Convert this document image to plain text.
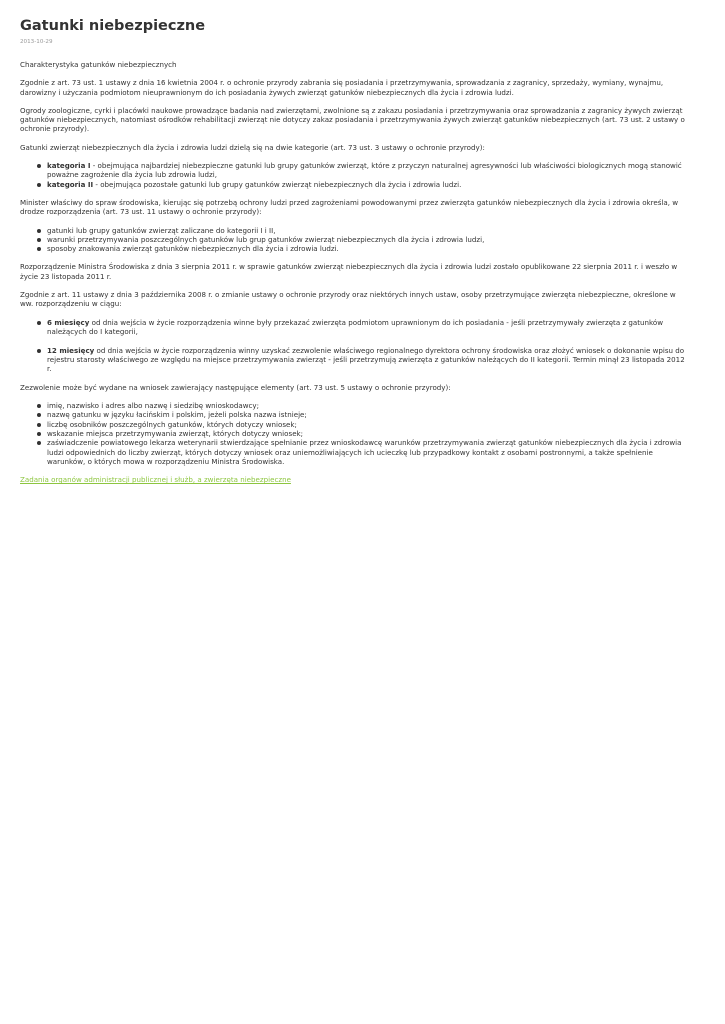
Gatunki niebezpieczne
2013-10-29

Charakterystyka gatunków niebezpiecznych

Zgodnie z art. 73 ust. 1 ustawy z dnia 16 kwietnia 2004 r. o ochronie przyrody zabrania się posiadania i przetrzymywania, sprowadzania z zagranicy, sprzedaży, wymiany, wynajmu, darowizny i użyczania podmiotom nieuprawnionym do ich posiadania żywych zwierząt gatunków niebezpiecznych dla życia i zdrowia ludzi.

Ogrody zoologiczne, cyrki i placówki naukowe prowadzące badania nad zwierzętami, zwolnione są z zakazu posiadania i przetrzymywania oraz sprowadzania z zagranicy żywych zwierząt gatunków niebezpiecznych, natomiast ośrodków rehabilitacji zwierząt nie dotyczy zakaz posiadania i przetrzymywania żywych zwierząt gatunków niebezpiecznych (art. 73 ust. 2 ustawy o ochronie przyrody).

Gatunki zwierząt niebezpiecznych dla życia i zdrowia ludzi dzielą się na dwie kategorie (art. 73 ust. 3 ustawy o ochronie przyrody):

kategoria I - obejmująca najbardziej niebezpieczne gatunki lub grupy gatunków zwierząt, które z przyczyn naturalnej agresywności lub właściwości biologicznych mogą stanowić poważne zagrożenie dla życia lub zdrowia ludzi,
kategoria II - obejmująca pozostałe gatunki lub grupy gatunków zwierząt niebezpiecznych dla życia i zdrowia ludzi.

Minister właściwy do spraw środowiska, kierując się potrzebą ochrony ludzi przed zagrożeniami powodowanymi przez zwierzęta gatunków niebezpiecznych dla życia i zdrowia określa, w drodze rozporządzenia (art. 73 ust. 11 ustawy o ochronie przyrody):

gatunki lub grupy gatunków zwierząt zaliczane do kategorii I i II,
warunki przetrzymywania poszczególnych gatunków lub grup gatunków zwierząt niebezpiecznych dla życia i zdrowia ludzi,
sposoby znakowania zwierząt gatunków niebezpiecznych dla życia i zdrowia ludzi.

Rozporządzenie Ministra Środowiska z dnia 3 sierpnia 2011 r. w sprawie gatunków zwierząt niebezpiecznych dla życia i zdrowia ludzi zostało opublikowane 22 sierpnia 2011 r. i weszło w życie 23 listopada 2011 r.

Zgodnie z art. 11 ustawy z dnia 3 października 2008 r. o zmianie ustawy o ochronie przyrody oraz niektórych innych ustaw, osoby przetrzymujące zwierzęta niebezpieczne, określone w ww. rozporządzeniu w ciągu:

6 miesięcy od dnia wejścia w życie rozporządzenia winne były przekazać zwierzęta podmiotom uprawnionym do ich posiadania - jeśli przetrzymywały zwierzęta z gatunków należących do I kategorii,
12 miesięcy od dnia wejścia w życie rozporządzenia winny uzyskać zezwolenie właściwego regionalnego dyrektora ochrony środowiska oraz złożyć wniosek o dokonanie wpisu do rejestru starosty właściwego ze względu na miejsce przetrzymywania zwierząt - jeśli przetrzymują zwierzęta z gatunków należących do II kategorii. Termin minął 23 listopada 2012 r.

Zezwolenie może być wydane na wniosek zawierający następujące elementy (art. 73 ust. 5 ustawy o ochronie przyrody):

imię, nazwisko i adres albo nazwę i siedzibę wnioskodawcy;
nazwę gatunku w języku łacińskim i polskim, jeżeli polska nazwa istnieje;
liczbę osobników poszczególnych gatunków, których dotyczy wniosek;
wskazanie miejsca przetrzymywania zwierząt, których dotyczy wniosek;
zaświadczenie powiatowego lekarza weterynarii stwierdzające spełnianie przez wnioskodawcę warunków przetrzymywania zwierząt gatunków niebezpiecznych dla życia i zdrowia ludzi odpowiednich do liczby zwierząt, których dotyczy wniosek oraz uniemożliwiających ich ucieczkę lub przypadkowy kontakt z osobami postronnymi, a także spełnienie warunków, o których mowa w rozporządzeniu Ministra Środowiska.

Zadania organów administracji publicznej i służb, a zwierzęta niebezpieczne
